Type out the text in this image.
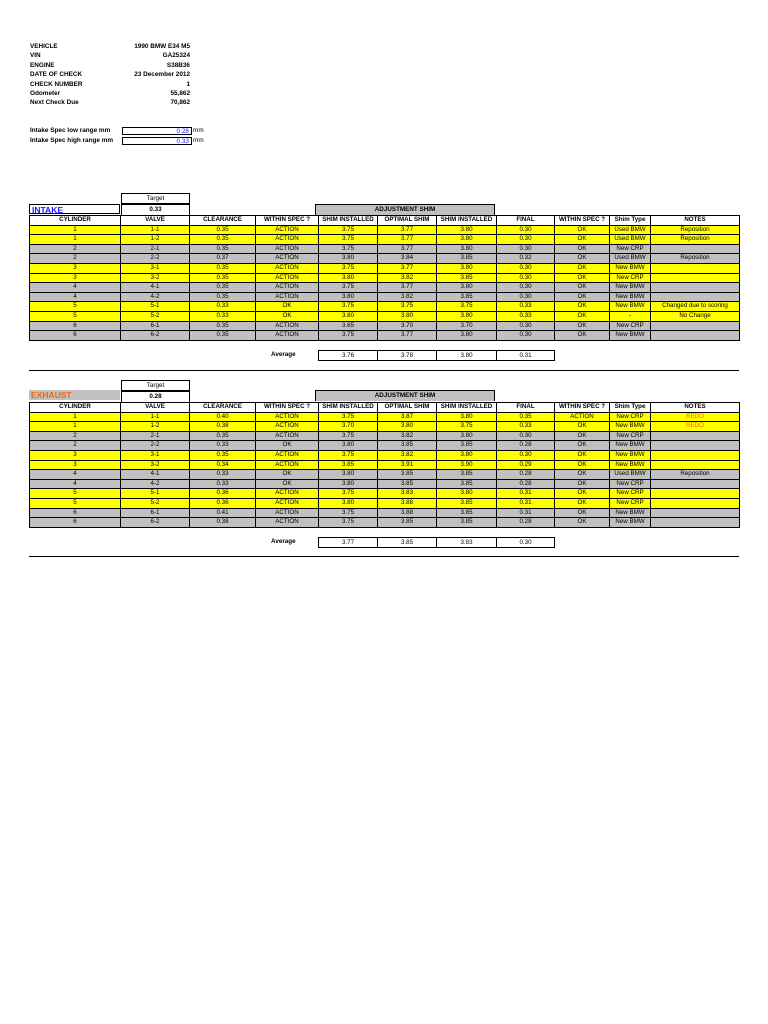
VEHICLE	1990 BMW E34 M5
VIN	GA25324
ENGINE	S38B36
DATE OF CHECK	23 December 2012
CHECK NUMBER	1
Odometer	55,862
Next Check Due	70,862
Intake Spec low range mm	0.28 mm
Intake Spec high range mm	0.33 mm
Target
0.33
INTAKE	ADJUSTMENT SHIM
CYLINDER	VALVE	CLEARANCE	WITHIN SPEC ?	SHIM INSTALLED	OPTIMAL SHIM	SHIM INSTALLED	FINAL	WITHIN SPEC ?	Shim Type	NOTES
1	1-1	0.35	ACTION	3.75	3.77	3.80	0.30	OK	Used BMW	Reposition
1	1-2	0.35	ACTION	3.75	3.77	3.80	0.30	OK	Used BMW	Reposition
2	2-1	0.35	ACTION	3.75	3.77	3.80	0.30	OK	New CRP	
2	2-2	0.37	ACTION	3.80	3.84	3.85	0.32	OK	Used BMW	Reposition
3	3-1	0.35	ACTION	3.75	3.77	3.80	0.30	OK	New BMW	
3	3-2	0.35	ACTION	3.80	3.82	3.85	0.30	OK	New CRP	
4	4-1	0.35	ACTION	3.75	3.77	3.80	0.30	OK	New BMW	
4	4-2	0.35	ACTION	3.80	3.82	3.85	0.30	OK	New BMW	
5	5-1	0.33	OK	3.75	3.75	3.75	0.33	OK	New BMW	Changed due to scoring
5	5-2	0.33	OK	3.80	3.80	3.80	0.33	OK	-	No Change
6	6-1	0.35	ACTION	3.65	3.70	3.70	0.30	OK	New CRP	
6	6-2	0.35	ACTION	3.75	3.77	3.80	0.30	OK	New BMW	
Average	3.76	3.78	3.80	0.31
Target
0.28
EXHAUST	ADJUSTMENT SHIM
CYLINDER	VALVE	CLEARANCE	WITHIN SPEC ?	SHIM INSTALLED	OPTIMAL SHIM	SHIM INSTALLED	FINAL	WITHIN SPEC ?	Shim Type	NOTES
1	1-1	0.40	ACTION	3.75	3.87	3.80	0.35	ACTION	New CRP	REDO
1	1-2	0.38	ACTION	3.70	3.80	3.75	0.33	OK	New BMW	REDO
2	2-1	0.35	ACTION	3.75	3.82	3.80	0.30	OK	New CRP	
2	2-2	0.33	OK	3.80	3.85	3.85	0.28	OK	New BMW	
3	3-1	0.35	ACTION	3.75	3.82	3.80	0.30	OK	New BMW	
3	3-2	0.34	ACTION	3.85	3.91	3.90	0.29	OK	New BMW	
4	4-1	0.33	OK	3.80	3.85	3.85	0.28	OK	Used BMW	Reposition
4	4-2	0.33	OK	3.80	3.85	3.85	0.28	OK	New CRP	
5	5-1	0.36	ACTION	3.75	3.83	3.80	0.31	OK	New CRP	
5	5-2	0.36	ACTION	3.80	3.88	3.85	0.31	OK	New CRP	
6	6-1	0.41	ACTION	3.75	3.88	3.85	0.31	OK	New BMW	
6	6-2	0.38	ACTION	3.75	3.85	3.85	0.28	OK	New BMW	
Average	3.77	3.85	3.83	0.30
